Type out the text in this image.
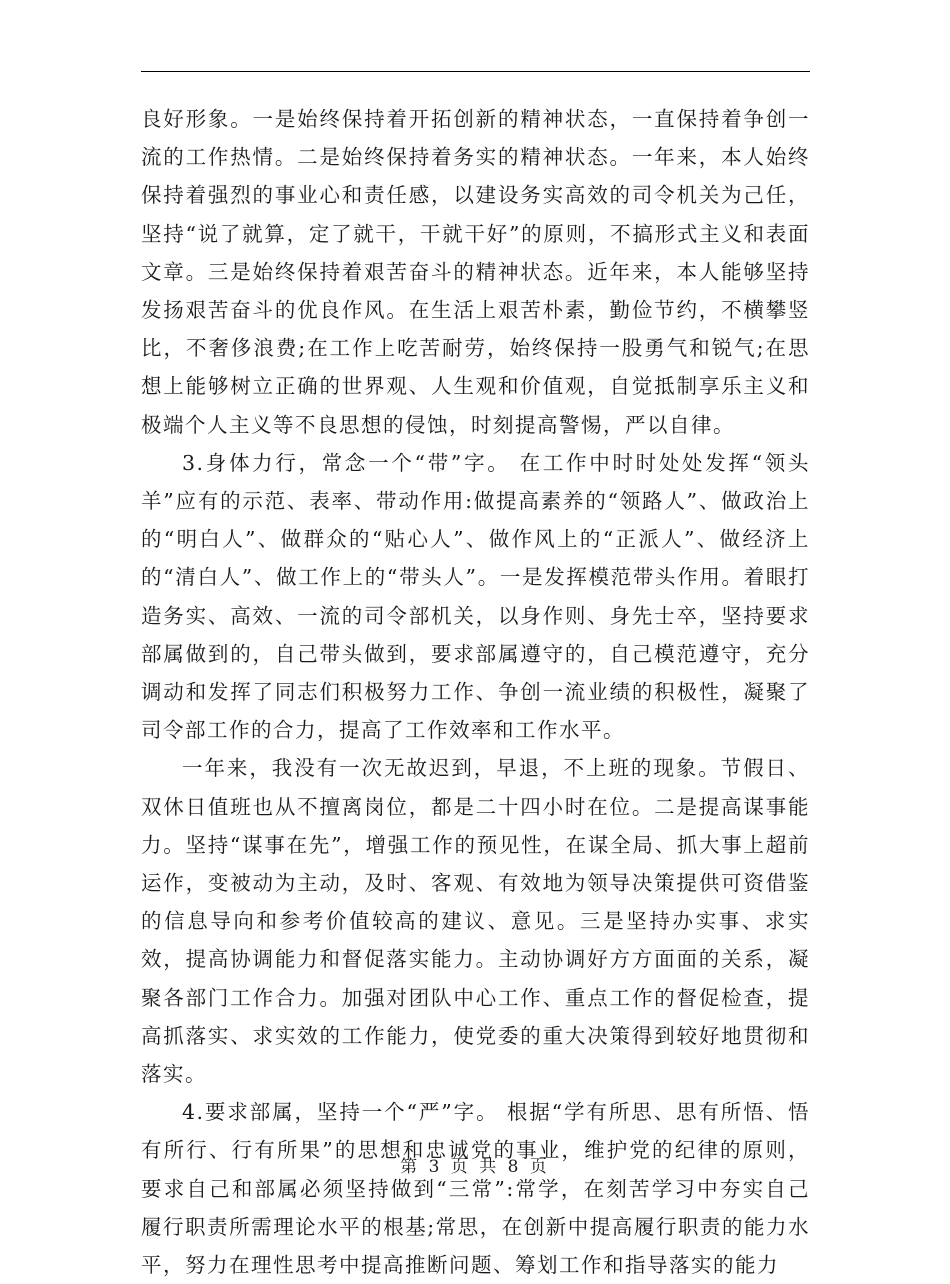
良好形象。一是始终保持着开拓创新的精神状态，一直保持着争创一流的工作热情。二是始终保持着务实的精神状态。一年来，本人始终保持着强烈的事业心和责任感，以建设务实高效的司令机关为己任，坚持“说了就算，定了就干，干就干好”的原则，不搞形式主义和表面文章。三是始终保持着艰苦奋斗的精神状态。近年来，本人能够坚持发扬艰苦奋斗的优良作风。在生活上艰苦朴素，勤俭节约，不横攀竖比，不奢侈浪费;在工作上吃苦耐劳，始终保持一股勇气和锐气;在思想上能够树立正确的世界观、人生观和价值观，自觉抵制享乐主义和极端个人主义等不良思想的侵蚀，时刻提高警惕，严以自律。

3.身体力行，常念一个“带”字。 在工作中时时处处发挥“领头羊”应有的示范、表率、带动作用:做提高素养的“领路人”、做政治上的“明白人”、做群众的“贴心人”、做作风上的“正派人”、做经济上的“清白人”、做工作上的“带头人”。一是发挥模范带头作用。着眼打造务实、高效、一流的司令部机关，以身作则、身先士卒，坚持要求部属做到的，自己带头做到，要求部属遵守的，自己模范遵守，充分调动和发挥了同志们积极努力工作、争创一流业绩的积极性，凝聚了司令部工作的合力，提高了工作效率和工作水平。

一年来，我没有一次无故迟到，早退，不上班的现象。节假日、双休日值班也从不擅离岗位，都是二十四小时在位。二是提高谋事能力。坚持“谋事在先”，增强工作的预见性，在谋全局、抓大事上超前运作，变被动为主动，及时、客观、有效地为领导决策提供可资借鉴的信息导向和参考价值较高的建议、意见。三是坚持办实事、求实效，提高协调能力和督促落实能力。主动协调好方方面面的关系，凝聚各部门工作合力。加强对团队中心工作、重点工作的督促检查，提高抓落实、求实效的工作能力，使党委的重大决策得到较好地贯彻和落实。

4.要求部属，坚持一个“严”字。 根据“学有所思、思有所悟、悟有所行、行有所果”的思想和忠诚党的事业，维护党的纪律的原则，要求自己和部属必须坚持做到“三常”:常学，在刻苦学习中夯实自己履行职责所需理论水平的根基;常思，在创新中提高履行职责的能力水平，努力在理性思考中提高推断问题、筹划工作和指导落实的能力

第 3 页 共 8 页
